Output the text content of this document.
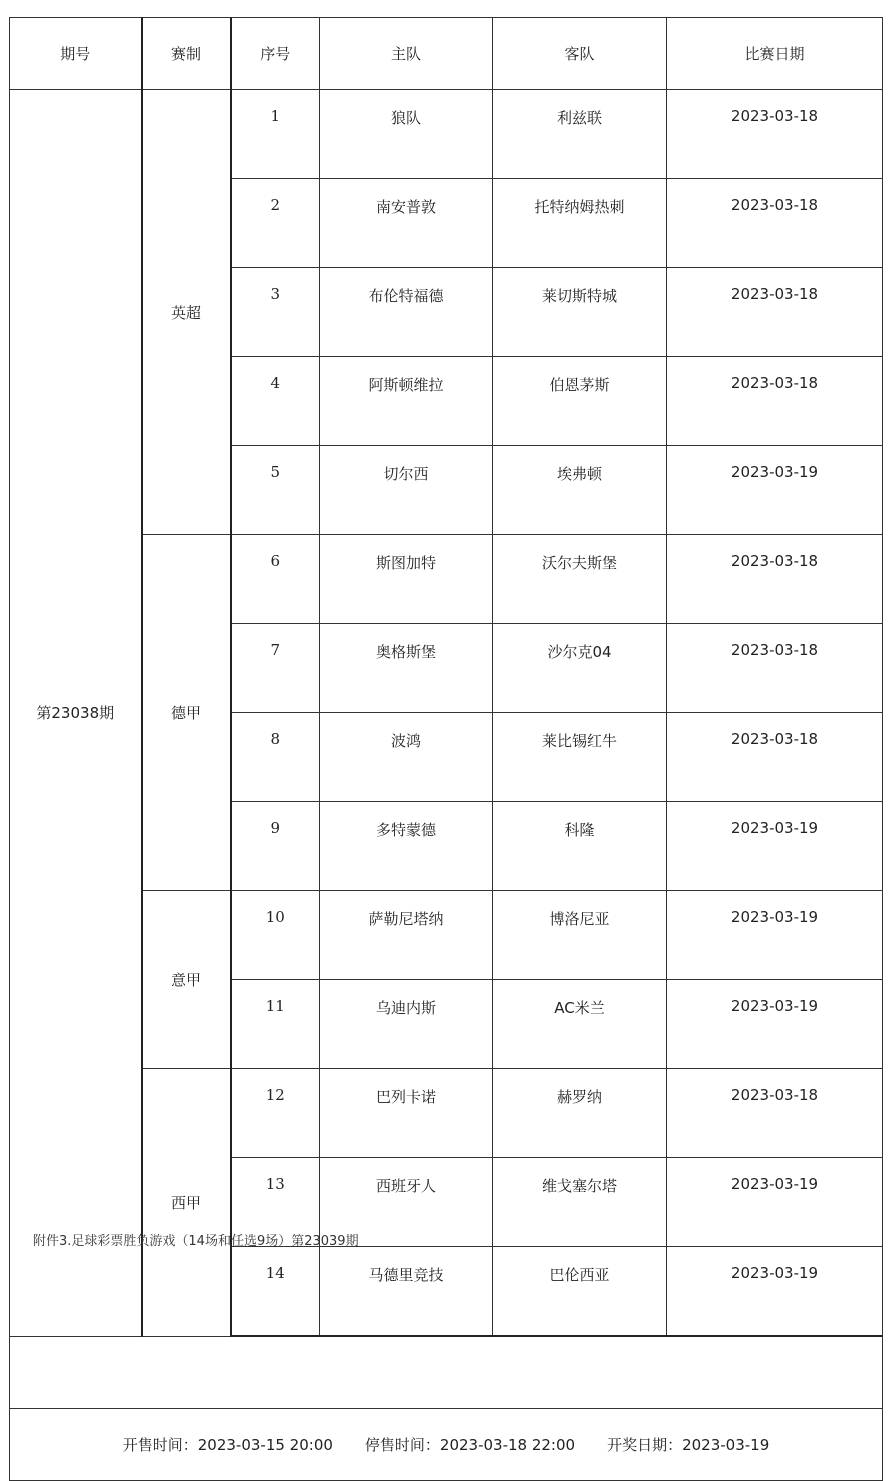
期号	赛制	序号	主队	客队	比赛日期
第23038期	英超	1	狼队	利兹联	2023-03-18
		2	南安普敦	托特纳姆热刺	2023-03-18
		3	布伦特福德	莱切斯特城	2023-03-18
		4	阿斯顿维拉	伯恩茅斯	2023-03-18
		5	切尔西	埃弗顿	2023-03-19
	德甲	6	斯图加特	沃尔夫斯堡	2023-03-18
		7	奥格斯堡	沙尔克04	2023-03-18
		8	波鸿	莱比锡红牛	2023-03-18
		9	多特蒙德	科隆	2023-03-19
	意甲	10	萨勒尼塔纳	博洛尼亚	2023-03-19
		11	乌迪内斯	AC米兰	2023-03-19
	西甲	12	巴列卡诺	赫罗纳	2023-03-18
		13	西班牙人	维戈塞尔塔	2023-03-19
		14	马德里竞技	巴伦西亚	2023-03-19

开售时间：2023-03-15 20:00 停售时间：2023-03-18 22:00 开奖日期：2023-03-19					
附件3.足球彩票胜负游戏（14场和任选9场）第23039期
